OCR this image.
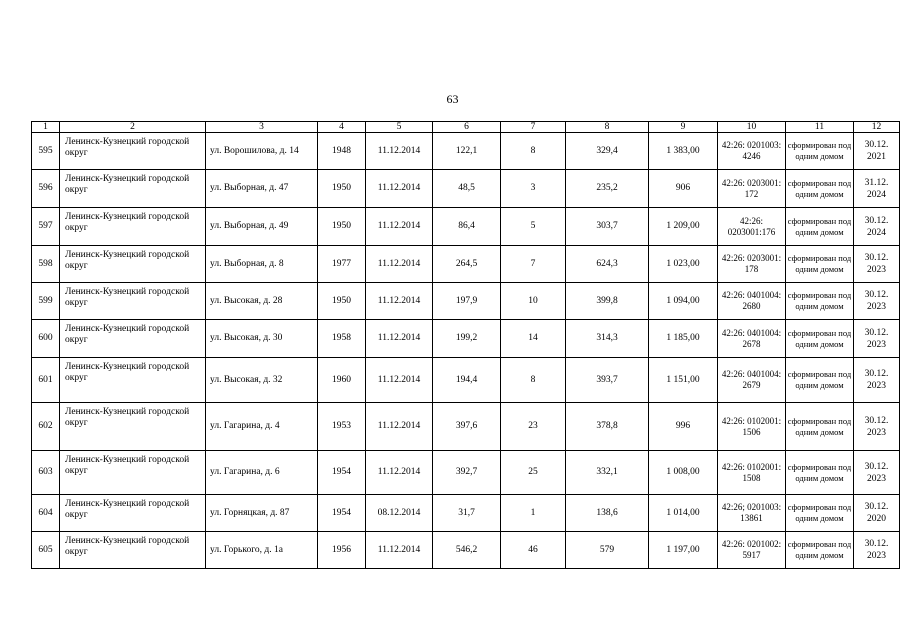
63
1	2	3	4	5	6	7	8	9	10	11	12
595	Ленинск-Кузнецкий городской округ	ул. Ворошилова, д. 14	1948	11.12.2014	122,1	8	329,4	1 383,00	42:26: 0201003: 4246	сформирован под одним домом	30.12. 2021
596	Ленинск-Кузнецкий городской округ	ул. Выборная, д. 47	1950	11.12.2014	48,5	3	235,2	906	42:26: 0203001: 172	сформирован под одним домом	31.12. 2024
597	Ленинск-Кузнецкий городской округ	ул. Выборная, д. 49	1950	11.12.2014	86,4	5	303,7	1 209,00	42:26: 0203001:176	сформирован под одним домом	30.12. 2024
598	Ленинск-Кузнецкий городской округ	ул. Выборная, д. 8	1977	11.12.2014	264,5	7	624,3	1 023,00	42:26: 0203001: 178	сформирован под одним домом	30.12. 2023
599	Ленинск-Кузнецкий городской округ	ул. Высокая, д. 28	1950	11.12.2014	197,9	10	399,8	1 094,00	42:26: 0401004: 2680	сформирован под одним домом	30.12. 2023
600	Ленинск-Кузнецкий городской округ	ул. Высокая, д. 30	1958	11.12.2014	199,2	14	314,3	1 185,00	42:26: 0401004: 2678	сформирован под одним домом	30.12. 2023
601	Ленинск-Кузнецкий городской округ	ул. Высокая, д. 32	1960	11.12.2014	194,4	8	393,7	1 151,00	42:26: 0401004: 2679	сформирован под одним домом	30.12. 2023
602	Ленинск-Кузнецкий городской округ	ул. Гагарина, д. 4	1953	11.12.2014	397,6	23	378,8	996	42:26: 0102001: 1506	сформирован под одним домом	30.12. 2023
603	Ленинск-Кузнецкий городской округ	ул. Гагарина, д. 6	1954	11.12.2014	392,7	25	332,1	1 008,00	42:26: 0102001: 1508	сформирован под одним домом	30.12. 2023
604	Ленинск-Кузнецкий городской округ	ул. Горняцкая, д. 87	1954	08.12.2014	31,7	1	138,6	1 014,00	42:26; 0201003: 13861	сформирован под одним домом	30.12. 2020
605	Ленинск-Кузнецкий городской округ	ул. Горького, д. 1а	1956	11.12.2014	546,2	46	579	1 197,00	42:26: 0201002: 5917	сформирован под одним домом	30.12. 2023
